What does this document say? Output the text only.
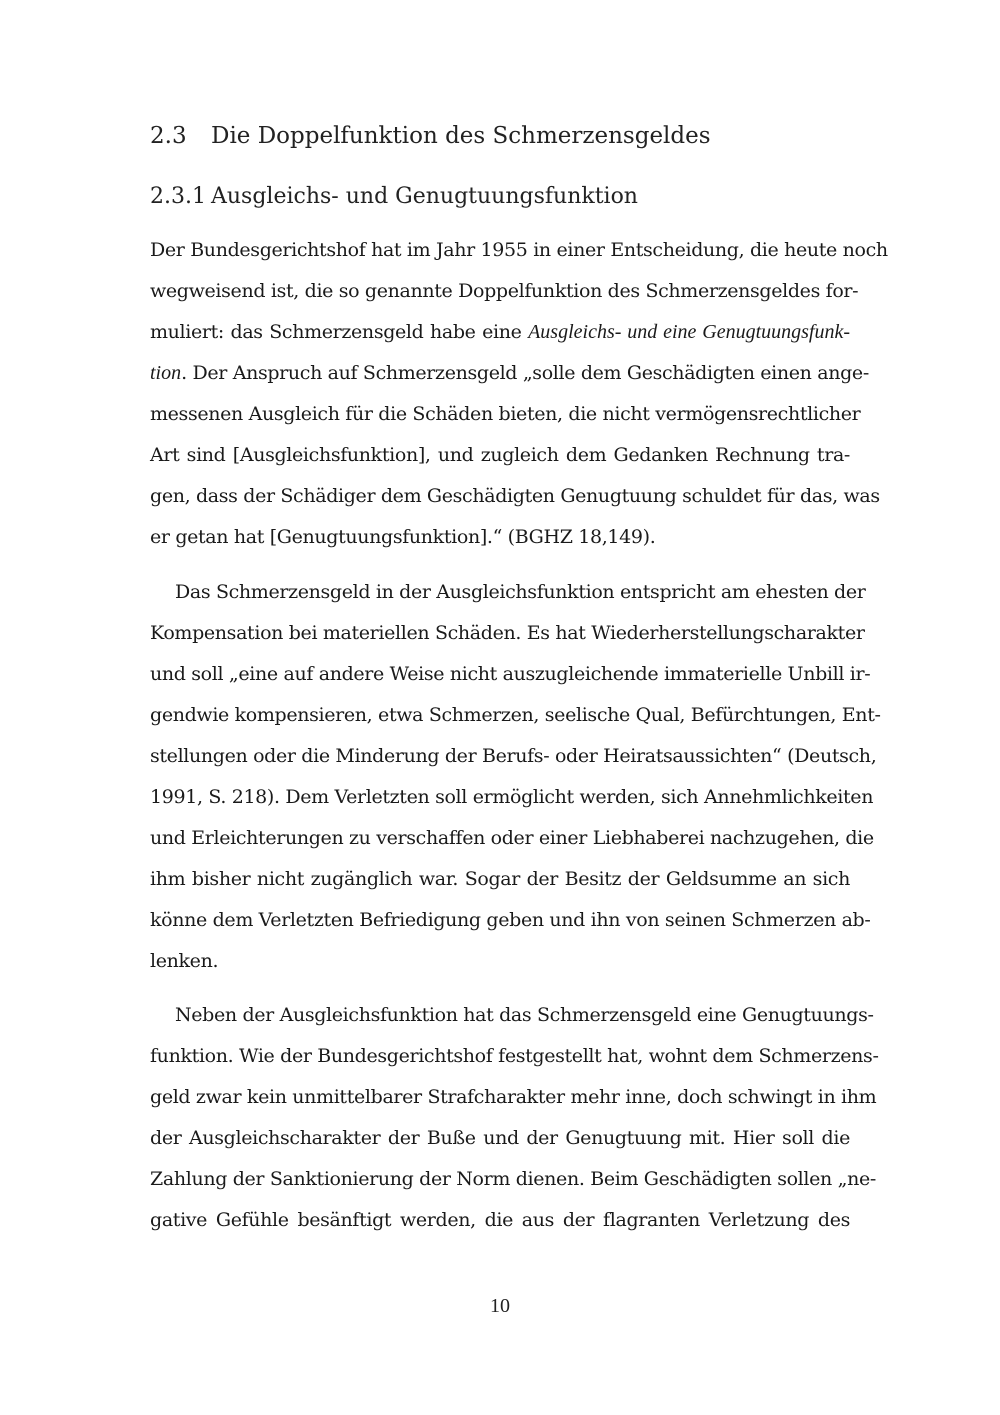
2.3 Die Doppelfunktion des Schmerzensgeldes
2.3.1 Ausgleichs- und Genugtuungsfunktion
Der Bundesgerichtshof hat im Jahr 1955 in einer Entscheidung, die heute noch
wegweisend ist, die so genannte Doppelfunktion des Schmerzensgeldes for-
muliert: das Schmerzensgeld habe eine Ausgleichs- und eine Genugtuungsfunk-
tion. Der Anspruch auf Schmerzensgeld „solle dem Geschädigten einen ange-
messenen Ausgleich für die Schäden bieten, die nicht vermögensrechtlicher
Art sind [Ausgleichsfunktion], und zugleich dem Gedanken Rechnung tra-
gen, dass der Schädiger dem Geschädigten Genugtuung schuldet für das, was
er getan hat [Genugtuungsfunktion].“ (BGHZ 18,149).
Das Schmerzensgeld in der Ausgleichsfunktion entspricht am ehesten der
Kompensation bei materiellen Schäden. Es hat Wiederherstellungscharakter
und soll „eine auf andere Weise nicht auszugleichende immaterielle Unbill ir-
gendwie kompensieren, etwa Schmerzen, seelische Qual, Befürchtungen, Ent-
stellungen oder die Minderung der Berufs- oder Heiratsaussichten“ (Deutsch,
1991, S. 218). Dem Verletzten soll ermöglicht werden, sich Annehmlichkeiten
und Erleichterungen zu verschaffen oder einer Liebhaberei nachzugehen, die
ihm bisher nicht zugänglich war. Sogar der Besitz der Geldsumme an sich
könne dem Verletzten Befriedigung geben und ihn von seinen Schmerzen ab-
lenken.
Neben der Ausgleichsfunktion hat das Schmerzensgeld eine Genugtuungs-
funktion. Wie der Bundesgerichtshof festgestellt hat, wohnt dem Schmerzens-
geld zwar kein unmittelbarer Strafcharakter mehr inne, doch schwingt in ihm
der Ausgleichscharakter der Buße und der Genugtuung mit. Hier soll die
Zahlung der Sanktionierung der Norm dienen. Beim Geschädigten sollen „ne-
gative Gefühle besänftigt werden, die aus der flagranten Verletzung des
10
